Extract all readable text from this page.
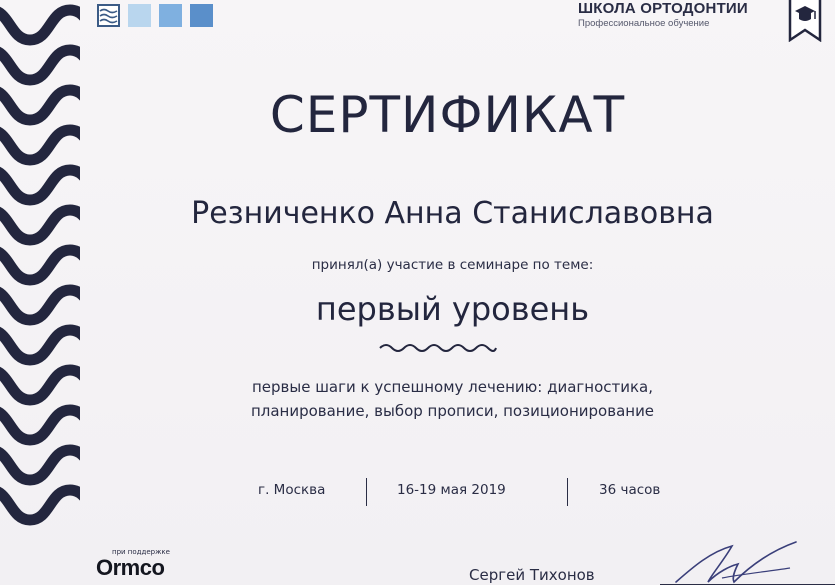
ШКОЛА ОРТОДОНТИИ
Профессиональное обучение
СЕРТИФИКАТ
Резниченко Анна Станиславовна
принял(а) участие в семинаре по теме:
первый уровень
первые шаги к успешному лечению: диагностика,
планирование, выбор прописи, позиционирование
г. Москва	16-19 мая 2019	36 часов
при поддержке
Ormco	Сергей Тихонов
